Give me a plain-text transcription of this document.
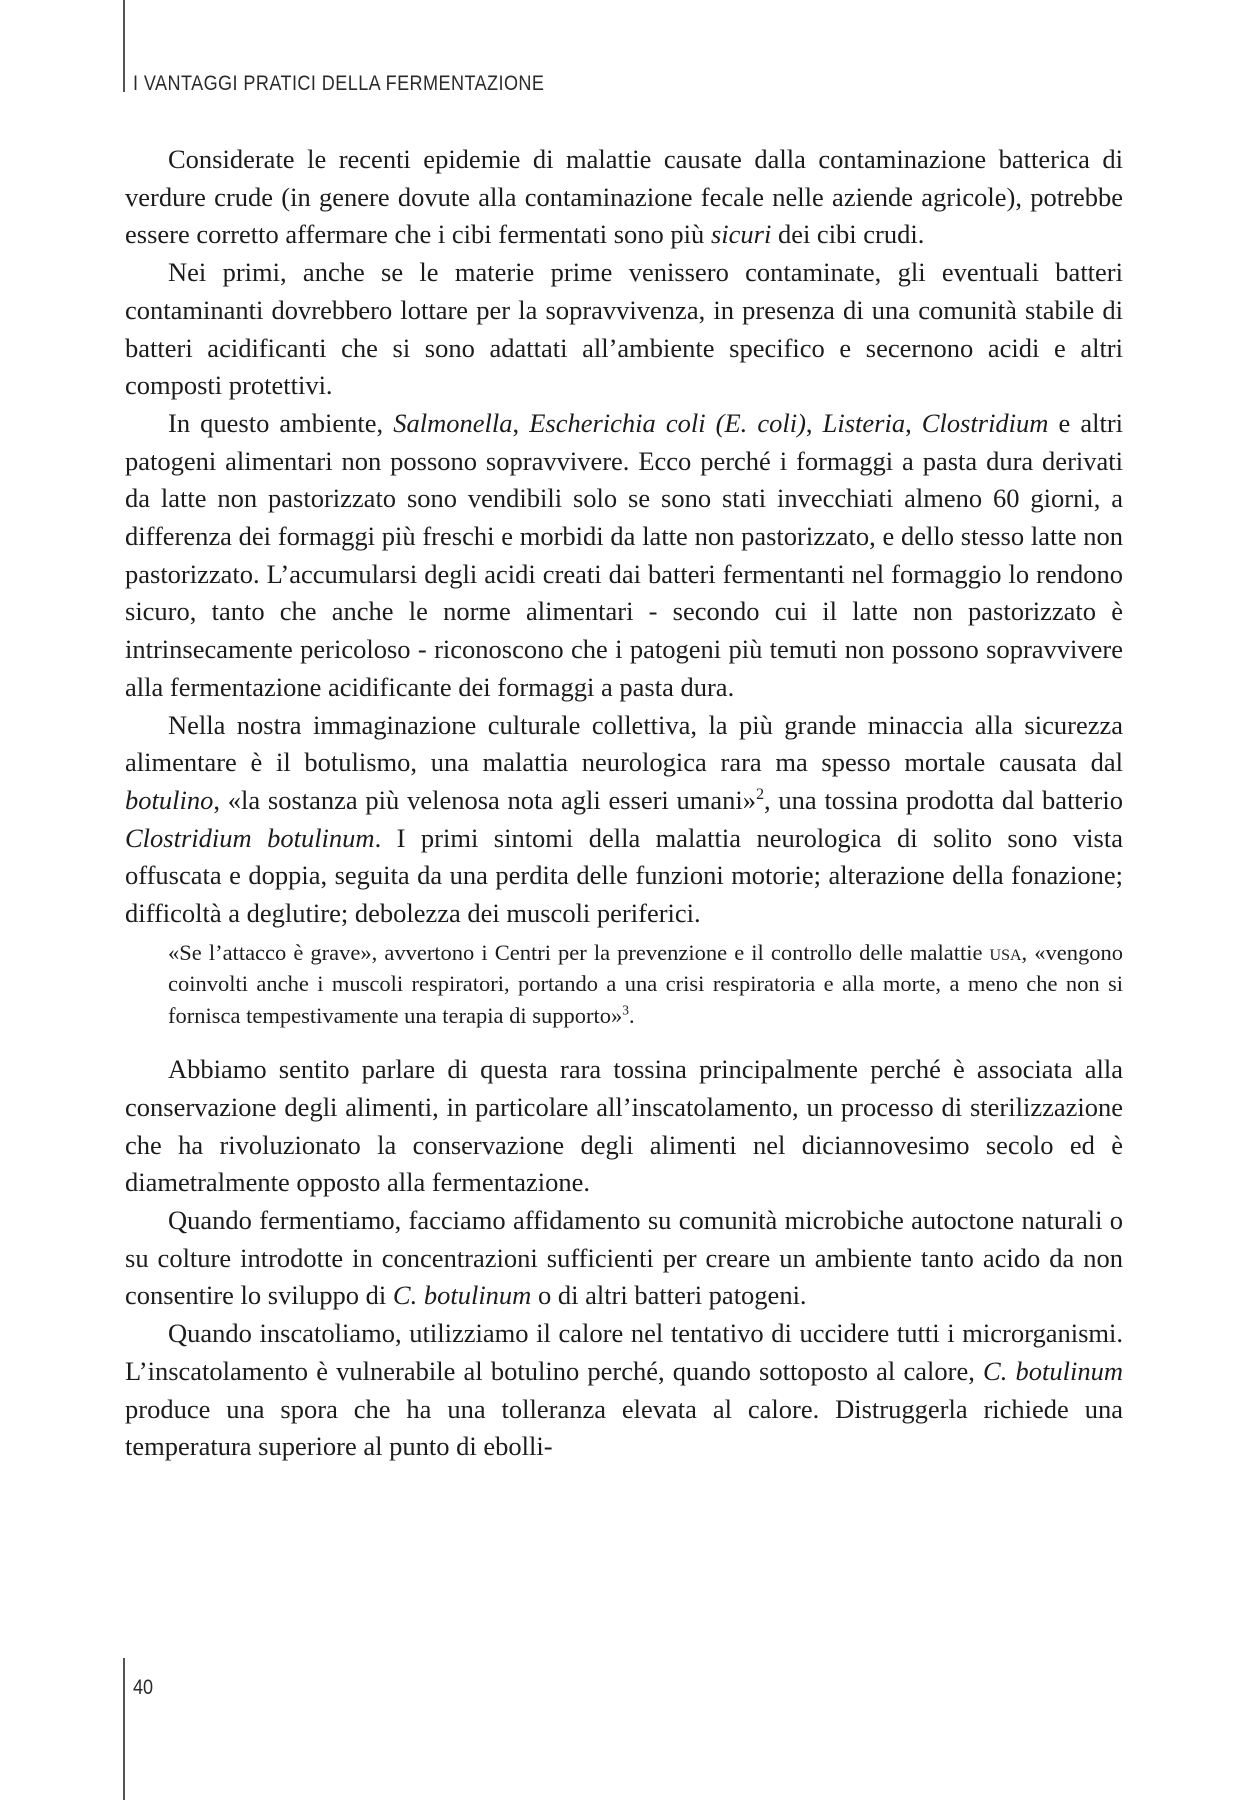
I VANTAGGI PRATICI DELLA FERMENTAZIONE

Considerate le recenti epidemie di malattie causate dalla contaminazione batterica di verdure crude (in genere dovute alla contaminazione fecale nelle aziende agricole), potrebbe essere corretto affermare che i cibi fermentati sono più sicuri dei cibi crudi.

Nei primi, anche se le materie prime venissero contaminate, gli eventuali batteri contaminanti dovrebbero lottare per la sopravvivenza, in presenza di una comunità stabile di batteri acidificanti che si sono adattati all’ambiente specifico e secernono acidi e altri composti protettivi.

In questo ambiente, Salmonella, Escherichia coli (E. coli), Listeria, Clostridium e altri patogeni alimentari non possono sopravvivere. Ecco perché i formaggi a pasta dura derivati da latte non pastorizzato sono vendibili solo se sono stati invecchiati almeno 60 giorni, a differenza dei formaggi più freschi e morbidi da latte non pastorizzato, e dello stesso latte non pastorizzato. L’accumularsi degli acidi creati dai batteri fermentanti nel formaggio lo rendono sicuro, tanto che anche le norme alimentari - secondo cui il latte non pastorizzato è intrinsecamente pericoloso - riconoscono che i patogeni più temuti non possono sopravvivere alla fermentazione acidificante dei formaggi a pasta dura.

Nella nostra immaginazione culturale collettiva, la più grande minaccia alla sicurezza alimentare è il botulismo, una malattia neurologica rara ma spesso mortale causata dal botulino, «la sostanza più velenosa nota agli esseri umani»$^2$, una tossina prodotta dal batterio Clostridium botulinum. I primi sintomi della malattia neurologica di solito sono vista offuscata e doppia, seguita da una perdita delle funzioni motorie; alterazione della fonazione; difficoltà a deglutire; debolezza dei muscoli periferici.

«Se l’attacco è grave», avvertono i Centri per la prevenzione e il controllo delle malattie usa, «vengono coinvolti anche i muscoli respiratori, portando a una crisi respiratoria e alla morte, a meno che non si fornisca tempestivamente una terapia di supporto»$^3$.

Abbiamo sentito parlare di questa rara tossina principalmente perché è associata alla conservazione degli alimenti, in particolare all’inscatolamento, un processo di sterilizzazione che ha rivoluzionato la conservazione degli alimenti nel diciannovesimo secolo ed è diametralmente opposto alla fermentazione.

Quando fermentiamo, facciamo affidamento su comunità microbiche autoctone naturali o su colture introdotte in concentrazioni sufficienti per creare un ambiente tanto acido da non consentire lo sviluppo di C. botulinum o di altri batteri patogeni.

Quando inscatoliamo, utilizziamo il calore nel tentativo di uccidere tutti i microrganismi. L’inscatolamento è vulnerabile al botulino perché, quando sottoposto al calore, C. botulinum produce una spora che ha una tolleranza elevata al calore. Distruggerla richiede una temperatura superiore al punto di ebolli-

40
